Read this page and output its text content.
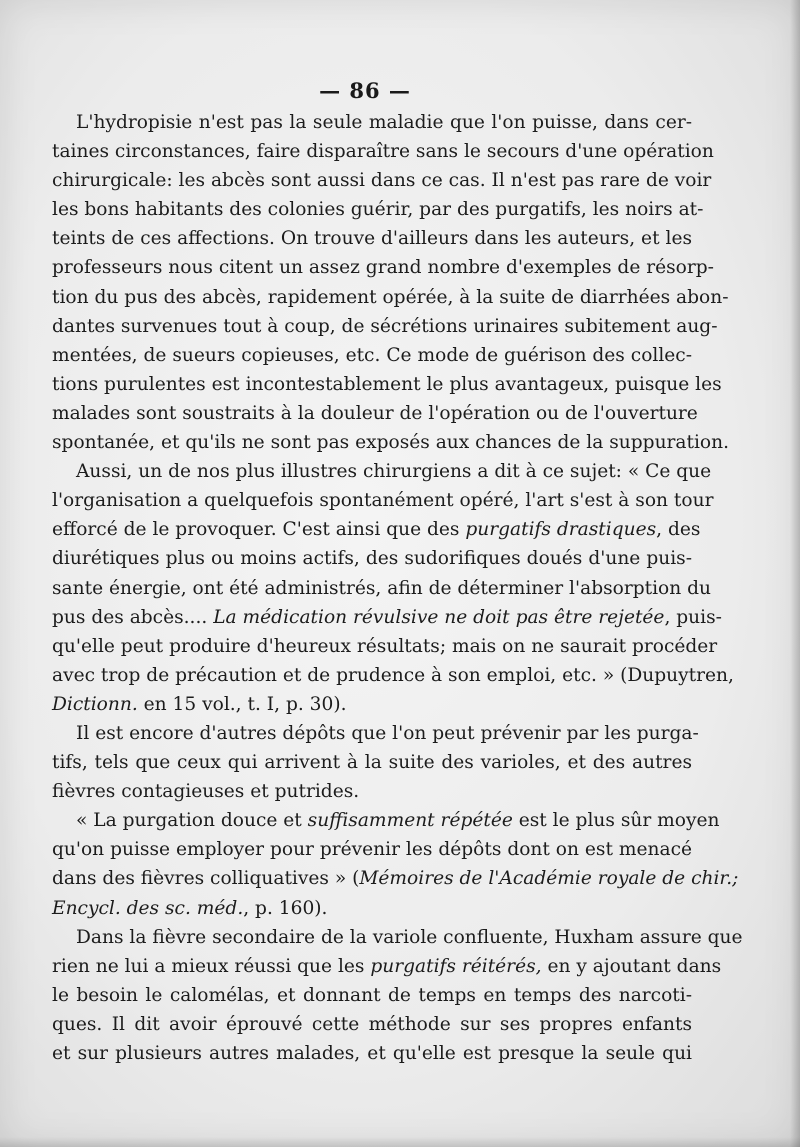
— 86 —
L'hydropisie n'est pas la seule maladie que l'on puisse, dans cer-
taines circonstances, faire disparaître sans le secours d'une opération
chirurgicale: les abcès sont aussi dans ce cas. Il n'est pas rare de voir
les bons habitants des colonies guérir, par des purgatifs, les noirs at-
teints de ces affections. On trouve d'ailleurs dans les auteurs, et les
professeurs nous citent un assez grand nombre d'exemples de résorp-
tion du pus des abcès, rapidement opérée, à la suite de diarrhées abon-
dantes survenues tout à coup, de sécrétions urinaires subitement aug-
mentées, de sueurs copieuses, etc. Ce mode de guérison des collec-
tions purulentes est incontestablement le plus avantageux, puisque les
malades sont soustraits à la douleur de l'opération ou de l'ouverture
spontanée, et qu'ils ne sont pas exposés aux chances de la suppuration.
Aussi, un de nos plus illustres chirurgiens a dit à ce sujet: « Ce que
l'organisation a quelquefois spontanément opéré, l'art s'est à son tour
efforcé de le provoquer. C'est ainsi que des purgatifs drastiques, des
diurétiques plus ou moins actifs, des sudorifiques doués d'une puis-
sante énergie, ont été administrés, afin de déterminer l'absorption du
pus des abcès.... La médication révulsive ne doit pas être rejetée, puis-
qu'elle peut produire d'heureux résultats; mais on ne saurait procéder
avec trop de précaution et de prudence à son emploi, etc. » (Dupuytren,
Dictionn. en 15 vol., t. I, p. 30).
Il est encore d'autres dépôts que l'on peut prévenir par les purga-
tifs, tels que ceux qui arrivent à la suite des varioles, et des autres
fièvres contagieuses et putrides.
« La purgation douce et suffisamment répétée est le plus sûr moyen
qu'on puisse employer pour prévenir les dépôts dont on est menacé
dans des fièvres colliquatives » (Mémoires de l'Académie royale de chir.;
Encycl. des sc. méd., p. 160).
Dans la fièvre secondaire de la variole confluente, Huxham assure que
rien ne lui a mieux réussi que les purgatifs réitérés, en y ajoutant dans
le besoin le calomélas, et donnant de temps en temps des narcoti-
ques. Il dit avoir éprouvé cette méthode sur ses propres enfants
et sur plusieurs autres malades, et qu'elle est presque la seule qui
